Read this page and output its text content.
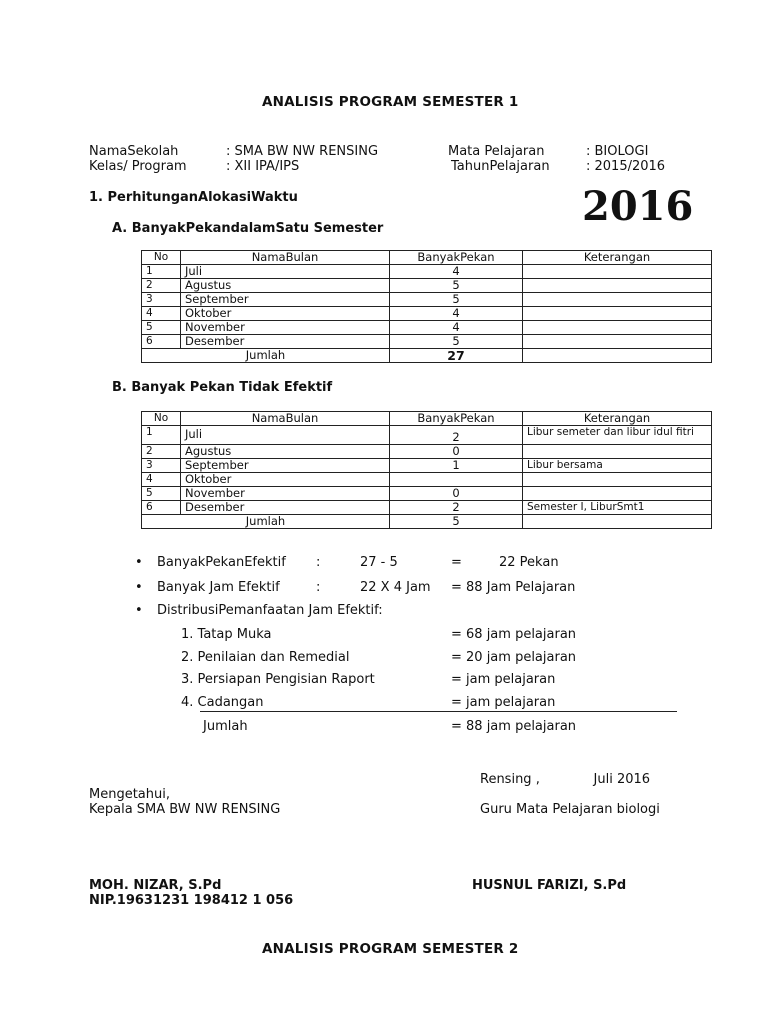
ANALISIS PROGRAM SEMESTER 1
NamaSekolah	: SMA BW NW RENSING
Kelas/ Program	: XII IPA/IPS
Mata Pelajaran	: BIOLOGI
TahunPelajaran	: 2015/2016
2016
1. PerhitunganAlokasiWaktu
A. BanyakPekandalamSatu Semester
No	NamaBulan	BanyakPekan	Keterangan
1	Juli	4	
2	Agustus	5	
3	September	5	
4	Oktober	4	
5	November	4	
6	Desember	5	
Jumlah		27	
B. Banyak Pekan Tidak Efektif
No	NamaBulan	BanyakPekan	Keterangan
1	Juli	2	Libur semeter dan libur idul fitri
2	Agustus	0	
3	September	1	Libur bersama
4	Oktober		
5	November	0	
6	Desember	2	Semester I, LiburSmt1
Jumlah		5	
• BanyakPekanEfektif :	27 - 5	=	22 Pekan
• Banyak Jam Efektif	:	22 X 4 Jam = 88 Jam Pelajaran
• DistribusiPemanfaatan Jam Efektif:
1. Tatap Muka	= 68 jam pelajaran
2. Penilaian dan Remedial	= 20 jam pelajaran
3. Persiapan Pengisian Raport	= jam pelajaran
4. Cadangan	= jam pelajaran
Jumlah	= 88 jam pelajaran
Rensing ,             Juli 2016
Mengetahui,
Kepala SMA BW NW RENSING	Guru Mata Pelajaran biologi
MOH. NIZAR, S.Pd
NIP.19631231 198412 1 056
HUSNUL FARIZI, S.Pd
ANALISIS PROGRAM SEMESTER 2
